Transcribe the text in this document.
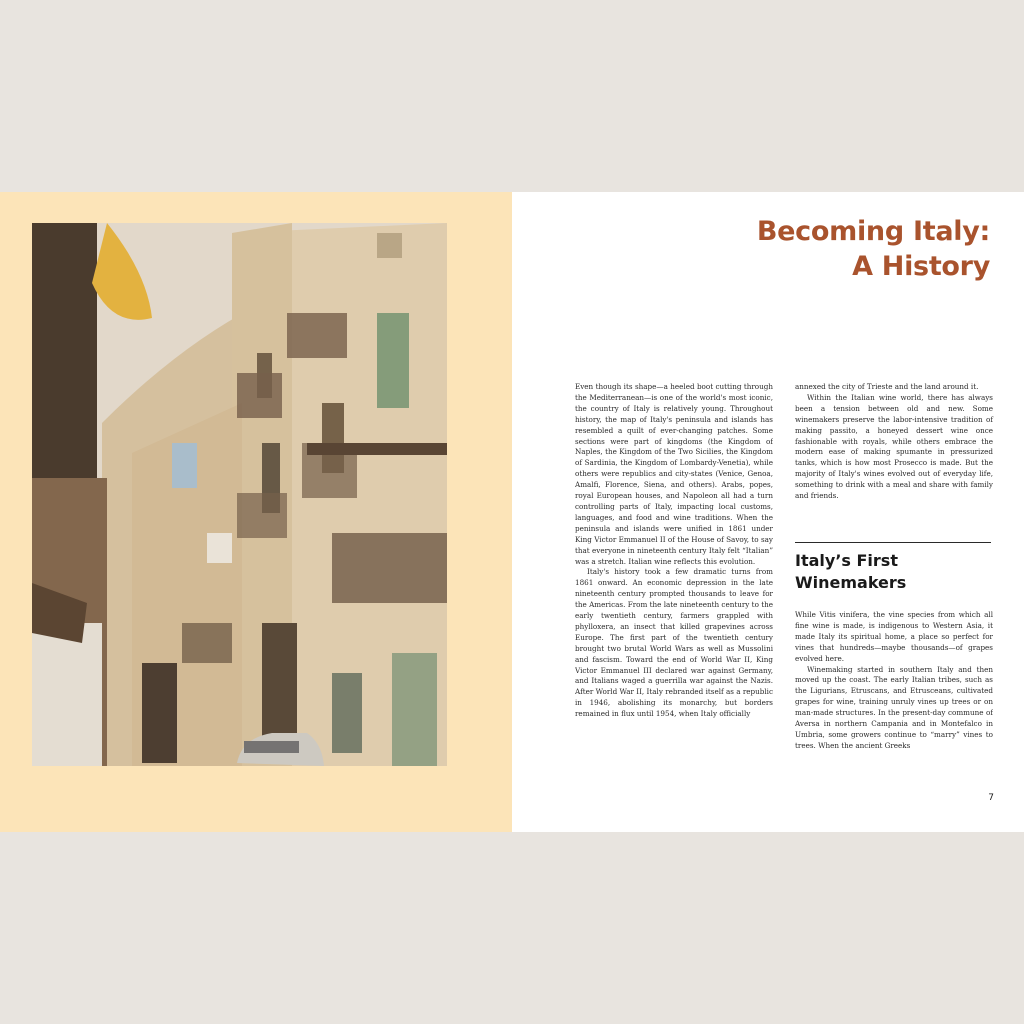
Becoming Italy:
A History

Even though its shape—a heeled boot cutting through the Mediterranean—is one of the world's most iconic, the country of Italy is relatively young. Throughout history, the map of Italy's peninsula and islands has resembled a quilt of ever-changing patches. Some sections were part of kingdoms (the Kingdom of Naples, the Kingdom of the Two Sicilies, the Kingdom of Sardinia, the Kingdom of Lombardy-Venetia), while others were republics and city-states (Venice, Genoa, Amalfi, Florence, Siena, and others). Arabs, popes, royal European houses, and Napoleon all had a turn controlling parts of Italy, impacting local customs, languages, and food and wine traditions. When the peninsula and islands were unified in 1861 under King Victor Emmanuel II of the House of Savoy, to say that everyone in nineteenth century Italy felt “Italian” was a stretch. Italian wine reflects this evolution.

Italy's history took a few dramatic turns from 1861 onward. An economic depression in the late nineteenth century prompted thousands to leave for the Americas. From the late nineteenth century to the early twentieth century, farmers grappled with phylloxera, an insect that killed grapevines across Europe. The first part of the twentieth century brought two brutal World Wars as well as Mussolini and fascism. Toward the end of World War II, King Victor Emmanuel III declared war against Germany, and Italians waged a guerrilla war against the Nazis. After World War II, Italy rebranded itself as a republic in 1946, abolishing its monarchy, but borders remained in flux until 1954, when Italy officially

annexed the city of Trieste and the land around it.

Within the Italian wine world, there has always been a tension between old and new. Some winemakers preserve the labor-intensive tradition of making passito, a honeyed dessert wine once fashionable with royals, while others embrace the modern ease of making spumante in pressurized tanks, which is how most Prosecco is made. But the majority of Italy's wines evolved out of everyday life, something to drink with a meal and share with family and friends.

Italy’s First
Winemakers

While Vitis vinifera, the vine species from which all fine wine is made, is indigenous to Western Asia, it made Italy its spiritual home, a place so perfect for vines that hundreds—maybe thousands—of grapes evolved here.

Winemaking started in southern Italy and then moved up the coast. The early Italian tribes, such as the Ligurians, Etruscans, and Etrusceans, cultivated grapes for wine, training unruly vines up trees or on man-made structures. In the present-day commune of Aversa in northern Campania and in Montefalco in Umbria, some growers continue to “marry” vines to trees. When the ancient Greeks

7
